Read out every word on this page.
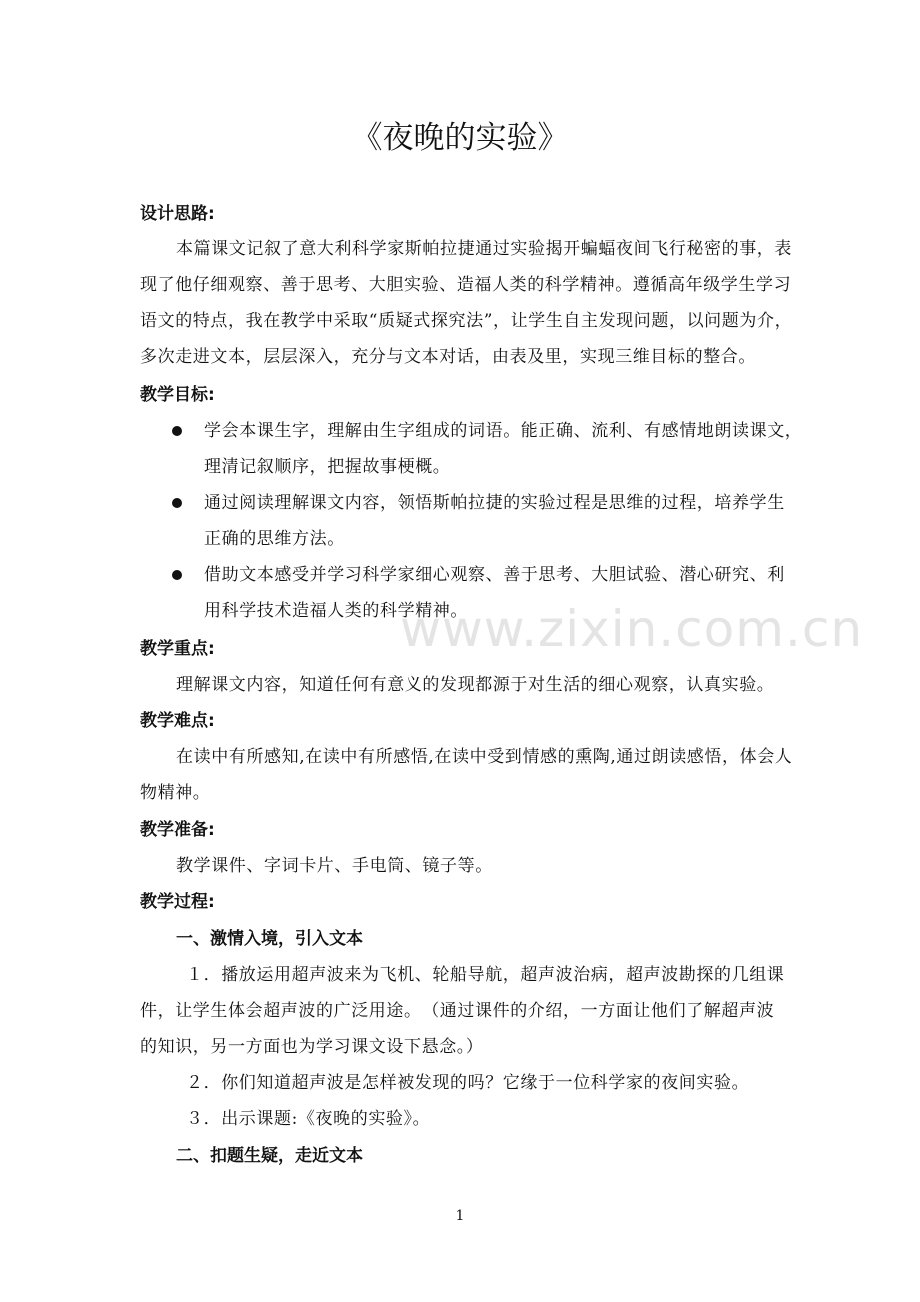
www.zixin.com.cn
《夜晚的实验》
设计思路:
本篇课文记叙了意大利科学家斯帕拉捷通过实验揭开蝙蝠夜间飞行秘密的事，表
现了他仔细观察、善于思考、大胆实验、造福人类的科学精神。遵循高年级学生学习
语文的特点，我在教学中采取“质疑式探究法”，让学生自主发现问题，以问题为介，
多次走进文本，层层深入，充分与文本对话，由表及里，实现三维目标的整合。
教学目标:
学会本课生字，理解由生字组成的词语。能正确、流利、有感情地朗读课文，
理清记叙顺序，把握故事梗概。
通过阅读理解课文内容，领悟斯帕拉捷的实验过程是思维的过程，培养学生
正确的思维方法。
借助文本感受并学习科学家细心观察、善于思考、大胆试验、潜心研究、利
用科学技术造福人类的科学精神。
教学重点:
理解课文内容，知道任何有意义的发现都源于对生活的细心观察，认真实验。
教学难点:
在读中有所感知,在读中有所感悟,在读中受到情感的熏陶,通过朗读感悟，体会人
物精神。
教学准备:
教学课件、字词卡片、手电筒、镜子等。
教学过程:
一、激情入境，引入文本
１．播放运用超声波来为飞机、轮船导航，超声波治病，超声波勘探的几组课
件，让学生体会超声波的广泛用途。　（通过课件的介绍，一方面让他们了解超声波
的知识，另一方面也为学习课文设下悬念。）
２．你们知道超声波是怎样被发现的吗？它缘于一位科学家的夜间实验。
３．出示课题:《夜晚的实验》。
二、扣题生疑，走近文本
1
